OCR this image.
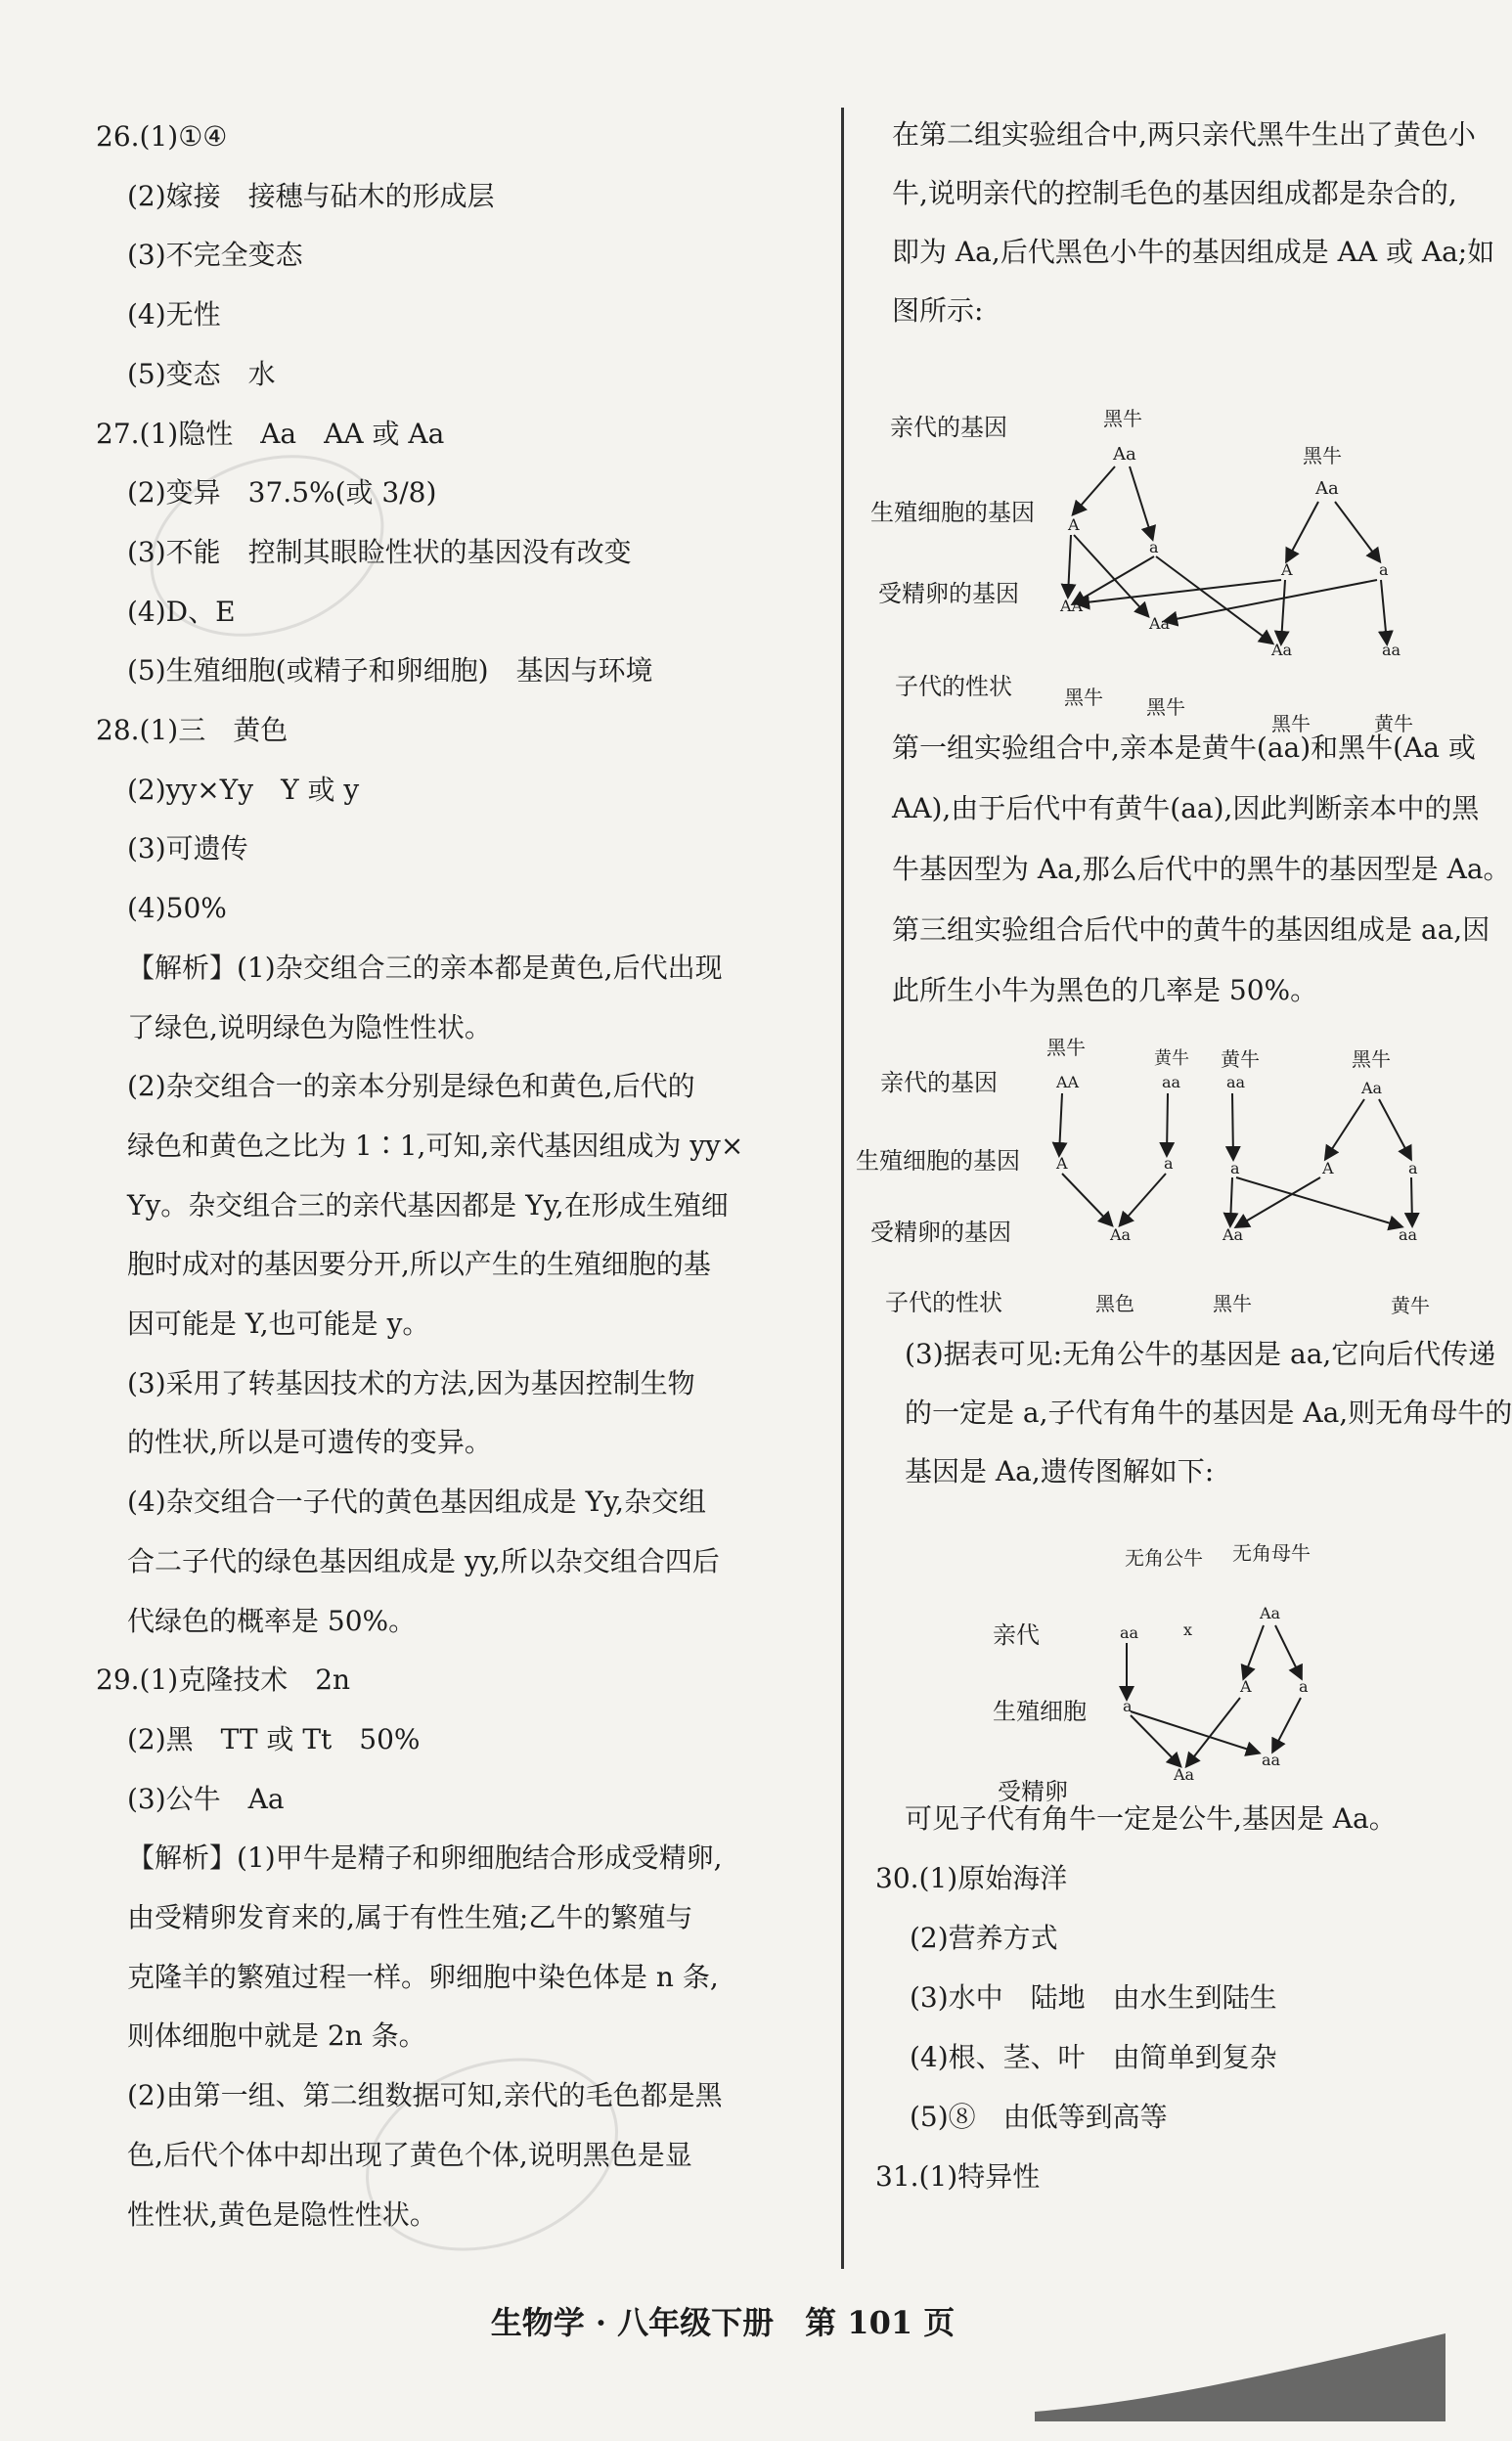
26.(1)①④
(2)嫁接　接穗与砧木的形成层
(3)不完全变态
(4)无性
(5)变态　水
27.(1)隐性　Aa　AA 或 Aa
(2)变异　37.5%(或 3/8)
(3)不能　控制其眼睑性状的基因没有改变
(4)D、E
(5)生殖细胞(或精子和卵细胞)　基因与环境
28.(1)三　黄色
(2)yy×Yy　Y 或 y
(3)可遗传
(4)50%
【解析】(1)杂交组合三的亲本都是黄色,后代出现
了绿色,说明绿色为隐性性状。
(2)杂交组合一的亲本分别是绿色和黄色,后代的
绿色和黄色之比为 1∶1,可知,亲代基因组成为 yy×
Yy。杂交组合三的亲代基因都是 Yy,在形成生殖细
胞时成对的基因要分开,所以产生的生殖细胞的基
因可能是 Y,也可能是 y。
(3)采用了转基因技术的方法,因为基因控制生物
的性状,所以是可遗传的变异。
(4)杂交组合一子代的黄色基因组成是 Yy,杂交组
合二子代的绿色基因组成是 yy,所以杂交组合四后
代绿色的概率是 50%。
29.(1)克隆技术　2n
(2)黑　TT 或 Tt　50%
(3)公牛　Aa
【解析】(1)甲牛是精子和卵细胞结合形成受精卵,
由受精卵发育来的,属于有性生殖;乙牛的繁殖与
克隆羊的繁殖过程一样。卵细胞中染色体是 n 条,
则体细胞中就是 2n 条。
(2)由第一组、第二组数据可知,亲代的毛色都是黑
色,后代个体中却出现了黄色个体,说明黑色是显
性性状,黄色是隐性性状。
在第二组实验组合中,两只亲代黑牛生出了黄色小
牛,说明亲代的控制毛色的基因组成都是杂合的,
即为 Aa,后代黑色小牛的基因组成是 AA 或 Aa;如
图所示:
亲代的基因
生殖细胞的基因
受精卵的基因
子代的性状
黑牛
黑牛
Aa
Aa
A
a
A	a
AA
Aa
Aa	aa
黑牛 黑牛
黑牛	黄牛
第一组实验组合中,亲本是黄牛(aa)和黑牛(Aa 或
AA),由于后代中有黄牛(aa),因此判断亲本中的黑
牛基因型为 Aa,那么后代中的黑牛的基因型是 Aa。
第三组实验组合后代中的黄牛的基因组成是 aa,因
此所生小牛为黑色的几率是 50%。
亲代的基因
生殖细胞的基因
受精卵的基因
子代的性状
黑牛	黄牛 黄牛	黑牛
AA	aa	aa	Aa
A	a	a	A	a
Aa	Aa	aa
黑色	黑牛	黄牛
(3)据表可见:无角公牛的基因是 aa,它向后代传递
的一定是 a,子代有角牛的基因是 Aa,则无角母牛的
基因是 Aa,遗传图解如下:
无角公牛 无角母牛
亲代
生殖细胞
受精卵
aa	x
Aa
a
A	a
Aa
aa
可见子代有角牛一定是公牛,基因是 Aa。
30.(1)原始海洋
(2)营养方式
(3)水中　陆地　由水生到陆生
(4)根、茎、叶　由简单到复杂
(5)⑧　由低等到高等
31.(1)特异性
生物学 · 八年级下册　第 101 页
